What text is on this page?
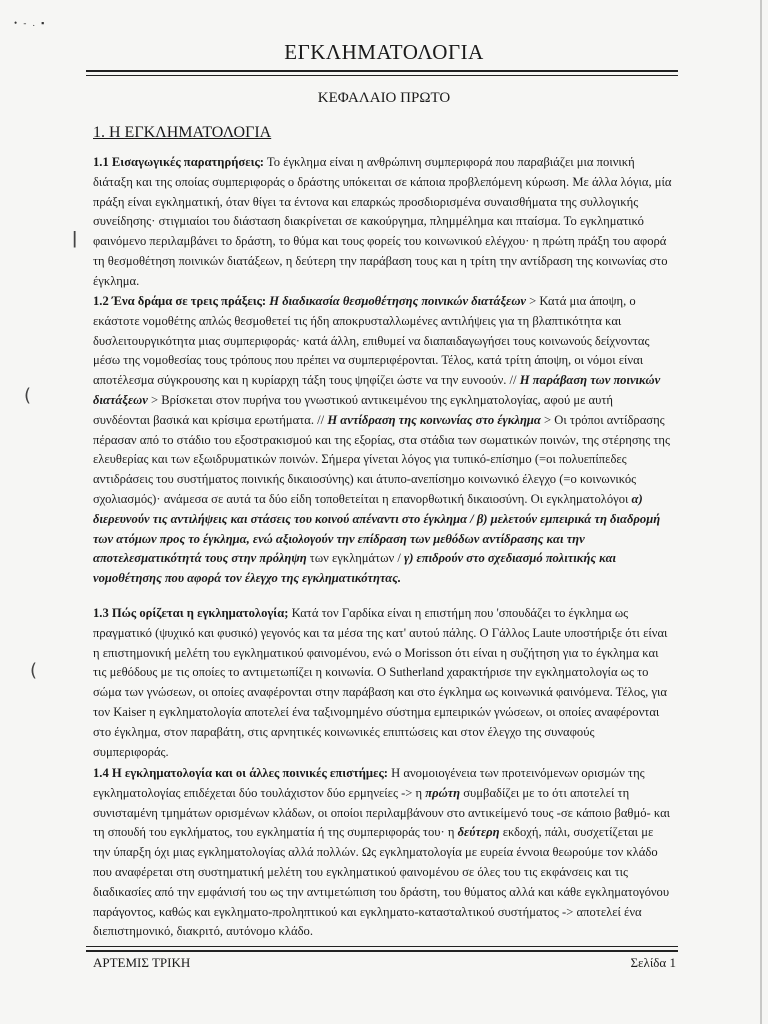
• - . ▪
ΕΓΚΛΗΜΑΤΟΛΟΓΙΑ
ΚΕΦΑΛΑΙΟ ΠΡΩΤΟ
1. Η ΕΓΚΛΗΜΑΤΟΛΟΓΙΑ

1.1 Εισαγωγικές παρατηρήσεις: Το έγκλημα είναι η ανθρώπινη συμπεριφορά που παραβιάζει μια ποινική διάταξη και της οποίας συμπεριφοράς ο δράστης υπόκειται σε κάποια προβλεπόμενη κύρωση. Με άλλα λόγια, μία πράξη είναι εγκληματική, όταν θίγει τα έντονα και επαρκώς προσδιορισμένα συναισθήματα της συλλογικής συνείδησης· στιγμιαίοι του διάσταση διακρίνεται σε κακούργημα, πλημμέλημα και πταίσμα. Το εγκληματικό φαινόμενο περιλαμβάνει το δράστη, το θύμα και τους φορείς του κοινωνικού ελέγχου· η πρώτη πράξη του αφορά τη θεσμοθέτηση ποινικών διατάξεων, η δεύτερη την παράβαση τους και η τρίτη την αντίδραση της κοινωνίας στο έγκλημα.

1.2 Ένα δράμα σε τρεις πράξεις: Η διαδικασία θεσμοθέτησης ποινικών διατάξεων > Κατά μια άποψη, ο εκάστοτε νομοθέτης απλώς θεσμοθετεί τις ήδη αποκρυσταλλωμένες αντιλήψεις για τη βλαπτικότητα και δυσλειτουργικότητα μιας συμπεριφοράς· κατά άλλη, επιθυμεί να διαπαιδαγωγήσει τους κοινωνούς δείχνοντας μέσω της νομοθεσίας τους τρόπους που πρέπει να συμπεριφέρονται. Τέλος, κατά τρίτη άποψη, οι νόμοι είναι αποτέλεσμα σύγκρουσης και η κυρίαρχη τάξη τους ψηφίζει ώστε να την ευνοούν. // Η παράβαση των ποινικών διατάξεων > Βρίσκεται στον πυρήνα του γνωστικού αντικειμένου της εγκληματολογίας, αφού με αυτή συνδέονται βασικά και κρίσιμα ερωτήματα. // Η αντίδραση της κοινωνίας στο έγκλημα > Οι τρόποι αντίδρασης πέρασαν από το στάδιο του εξοστρακισμού και της εξορίας, στα στάδια των σωματικών ποινών, της στέρησης της ελευθερίας και των εξωιδρυματικών ποινών. Σήμερα γίνεται λόγος για τυπικό-επίσημο (=οι πολυεπίπεδες αντιδράσεις του συστήματος ποινικής δικαιοσύνης) και άτυπο-ανεπίσημο κοινωνικό έλεγχο (=ο κοινωνικός σχολιασμός)· ανάμεσα σε αυτά τα δύο είδη τοποθετείται η επανορθωτική δικαιοσύνη. Οι εγκληματολόγοι α) διερευνούν τις αντιλήψεις και στάσεις του κοινού απέναντι στο έγκλημα / β) μελετούν εμπειρικά τη διαδρομή των ατόμων προς το έγκλημα, ενώ αξιολογούν την επίδραση των μεθόδων αντίδρασης και την αποτελεσματικότητά τους στην πρόληψη των εγκλημάτων / γ) επιδρούν στο σχεδιασμό πολιτικής και νομοθέτησης που αφορά τον έλεγχο της εγκληματικότητας.

1.3 Πώς ορίζεται η εγκληματολογία; Κατά τον Γαρδίκα είναι η επιστήμη που 'σπουδάζει το έγκλημα ως πραγματικό (ψυχικό και φυσικό) γεγονός και τα μέσα της κατ' αυτού πάλης. Ο Γάλλος Laute υποστήριξε ότι είναι η επιστημονική μελέτη του εγκληματικού φαινομένου, ενώ ο Morisson ότι είναι η συζήτηση για το έγκλημα και τις μεθόδους με τις οποίες το αντιμετωπίζει η κοινωνία. Ο Sutherland χαρακτήρισε την εγκληματολογία ως το σώμα των γνώσεων, οι οποίες αναφέρονται στην παράβαση και στο έγκλημα ως κοινωνικά φαινόμενα. Τέλος, για τον Kaiser η εγκληματολογία αποτελεί ένα ταξινομημένο σύστημα εμπειρικών γνώσεων, οι οποίες αναφέρονται στο έγκλημα, στον παραβάτη, στις αρνητικές κοινωνικές επιπτώσεις και στον έλεγχο της συναφούς συμπεριφοράς.

1.4 Η εγκληματολογία και οι άλλες ποινικές επιστήμες: Η ανομοιογένεια των προτεινόμενων ορισμών της εγκληματολογίας επιδέχεται δύο τουλάχιστον δύο ερμηνείες -> η πρώτη συμβαδίζει με το ότι αποτελεί τη συνισταμένη τμημάτων ορισμένων κλάδων, οι οποίοι περιλαμβάνουν στο αντικείμενό τους -σε κάποιο βαθμό- και τη σπουδή του εγκλήματος, του εγκληματία ή της συμπεριφοράς του· η δεύτερη εκδοχή, πάλι, συσχετίζεται με την ύπαρξη όχι μιας εγκληματολογίας αλλά πολλών. Ως εγκληματολογία με ευρεία έννοια θεωρούμε τον κλάδο που αναφέρεται στη συστηματική μελέτη του εγκληματικού φαινομένου σε όλες του τις εκφάνσεις και τις διαδικασίες από την εμφάνισή του ως την αντιμετώπιση του δράστη, του θύματος αλλά και κάθε εγκληματογόνου παράγοντος, καθώς και εγκληματο-προληπτικού και εγκληματο-κατασταλτικού συστήματος -> αποτελεί ένα διεπιστημονικό, διακριτό, αυτόνομο κλάδο.

ǀ
(
(
ΑΡΤΕΜΙΣ ΤΡΙΚΗ	Σελίδα 1
